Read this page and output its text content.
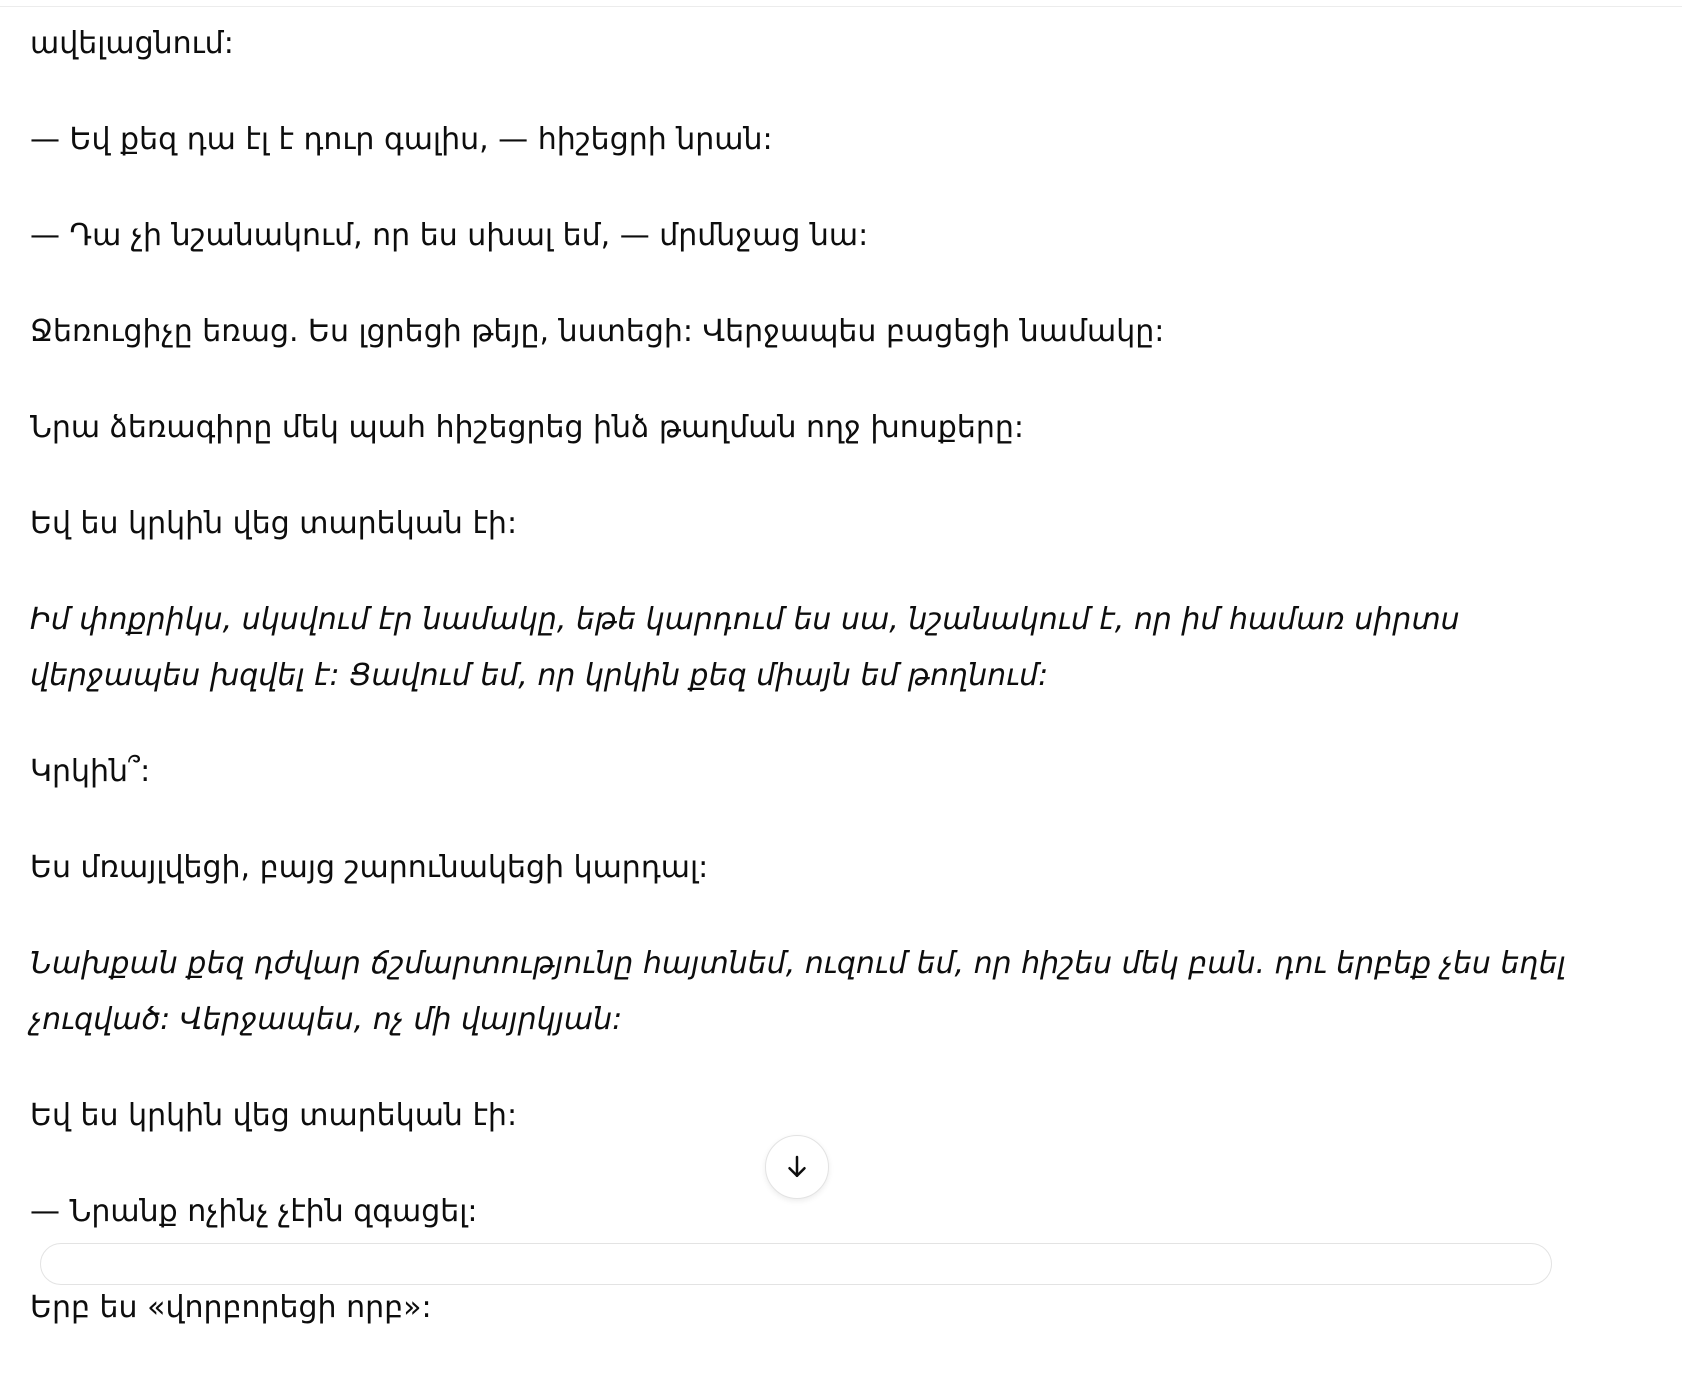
ավելացնում:

— Եվ քեզ դա էլ է դուր գալիս, — հիշեցրի նրան:

— Դա չի նշանակում, որ ես սխալ եմ, — մրմնջաց նա:

Ջեռուցիչը եռաց. Ես լցրեցի թեյը, նստեցի: Վերջապես բացեցի նամակը:

Նրա ձեռագիրը մեկ պահ հիշեցրեց ինձ թաղման ողջ խոսքերը:

Եվ ես կրկին վեց տարեկան էի:

Իմ փոքրիկս, սկսվում էր նամակը, եթե կարդում ես սա, նշանակում է, որ իմ համառ սիրտս վերջապես խզվել է: Ցավում եմ, որ կրկին քեզ միայն եմ թողնում:

Կրկին՞:

Ես մռայլվեցի, բայց շարունակեցի կարդալ:

Նախքան քեզ դժվար ճշմարտությունը հայտնեմ, ուզում եմ, որ հիշես մեկ բան. դու երբեք չես եղել չուզված: Վերջապես, ոչ մի վայրկյան:

Եվ ես կրկին վեց տարեկան էի:

— Նրանք ոչինչ չէին զգացել:

Երբ ես «վորբորեցի որբ»:
